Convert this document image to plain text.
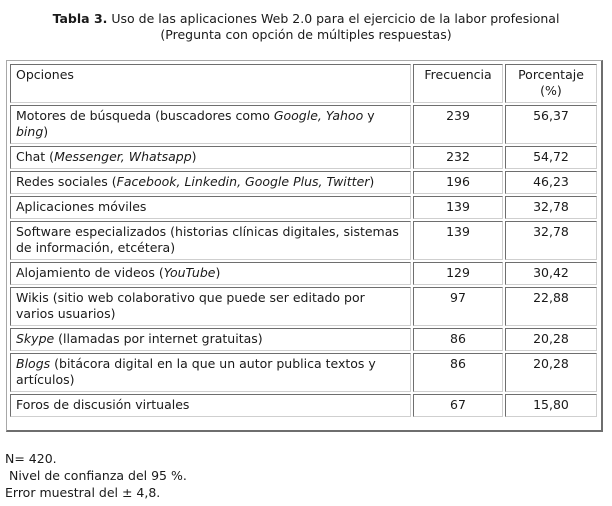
Tabla 3. Uso de las aplicaciones Web 2.0 para el ejercicio de la labor profesional
(Pregunta con opción de múltiples respuestas)
Opciones	Frecuencia	Porcentaje (%)
Motores de búsqueda (buscadores como Google, Yahoo y bing)	239	56,37
Chat (Messenger, Whatsapp)	232	54,72
Redes sociales (Facebook, Linkedin, Google Plus, Twitter)	196	46,23
Aplicaciones móviles	139	32,78
Software especializados (historias clínicas digitales, sistemas de información, etcétera)	139	32,78
Alojamiento de videos (YouTube)	129	30,42
Wikis (sitio web colaborativo que puede ser editado por varios usuarios)	97	22,88
Skype (llamadas por internet gratuitas)	86	20,28
Blogs (bitácora digital en la que un autor publica textos y artículos)	86	20,28
Foros de discusión virtuales	67	15,80
N= 420.
Nivel de confianza del 95 %.
Error muestral del ± 4,8.
